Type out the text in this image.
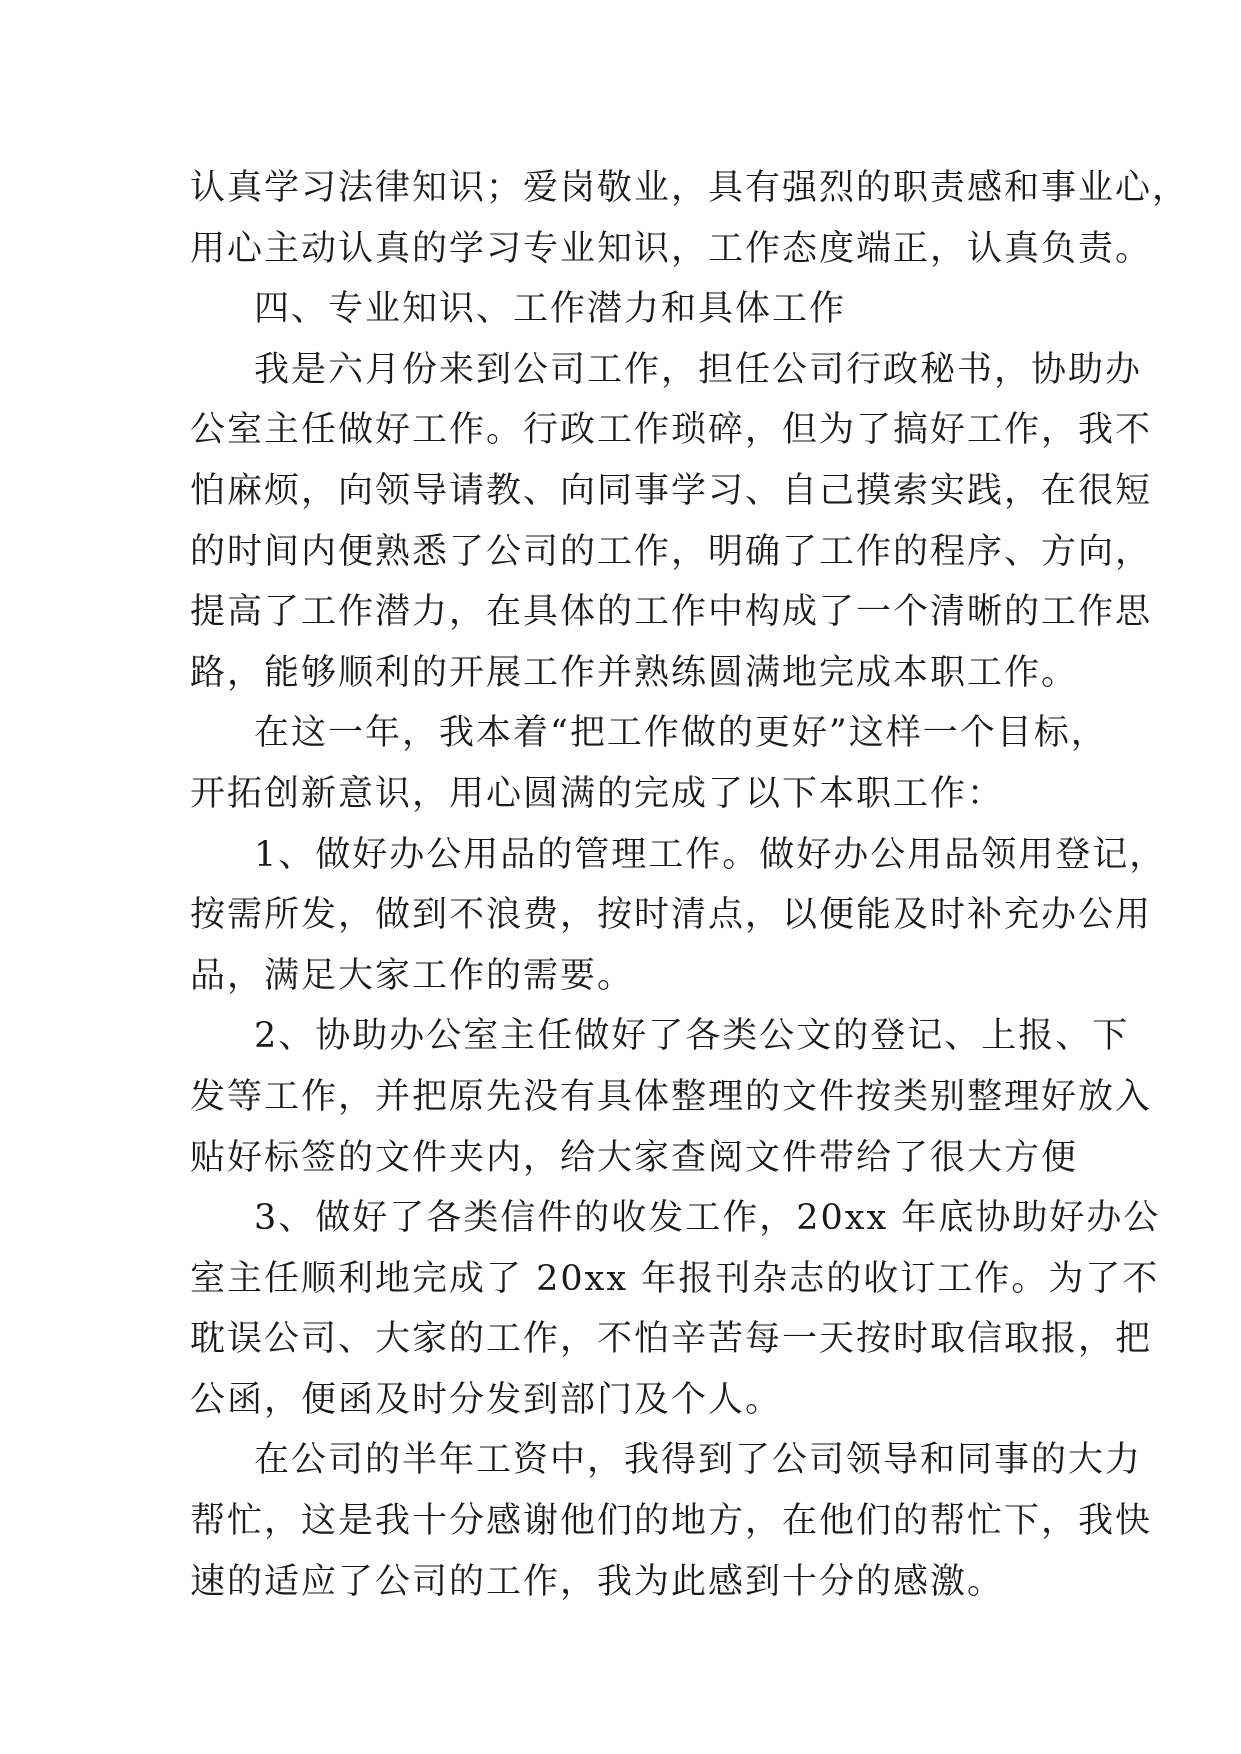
认真学习法律知识；爱岗敬业，具有强烈的职责感和事业心，
用心主动认真的学习专业知识，工作态度端正，认真负责。
四、专业知识、工作潜力和具体工作
我是六月份来到公司工作，担任公司行政秘书，协助办
公室主任做好工作。行政工作琐碎，但为了搞好工作，我不
怕麻烦，向领导请教、向同事学习、自己摸索实践，在很短
的时间内便熟悉了公司的工作，明确了工作的程序、方向，
提高了工作潜力，在具体的工作中构成了一个清晰的工作思
路，能够顺利的开展工作并熟练圆满地完成本职工作。
在这一年，我本着“把工作做的更好”这样一个目标，
开拓创新意识，用心圆满的完成了以下本职工作：
1、做好办公用品的管理工作。做好办公用品领用登记，
按需所发，做到不浪费，按时清点，以便能及时补充办公用
品，满足大家工作的需要。
2、协助办公室主任做好了各类公文的登记、上报、下
发等工作，并把原先没有具体整理的文件按类别整理好放入
贴好标签的文件夹内，给大家查阅文件带给了很大方便
3、做好了各类信件的收发工作，20xx 年底协助好办公
室主任顺利地完成了 20xx 年报刊杂志的收订工作。为了不
耽误公司、大家的工作，不怕辛苦每一天按时取信取报，把
公函，便函及时分发到部门及个人。
在公司的半年工资中，我得到了公司领导和同事的大力
帮忙，这是我十分感谢他们的地方，在他们的帮忙下，我快
速的适应了公司的工作，我为此感到十分的感激。
